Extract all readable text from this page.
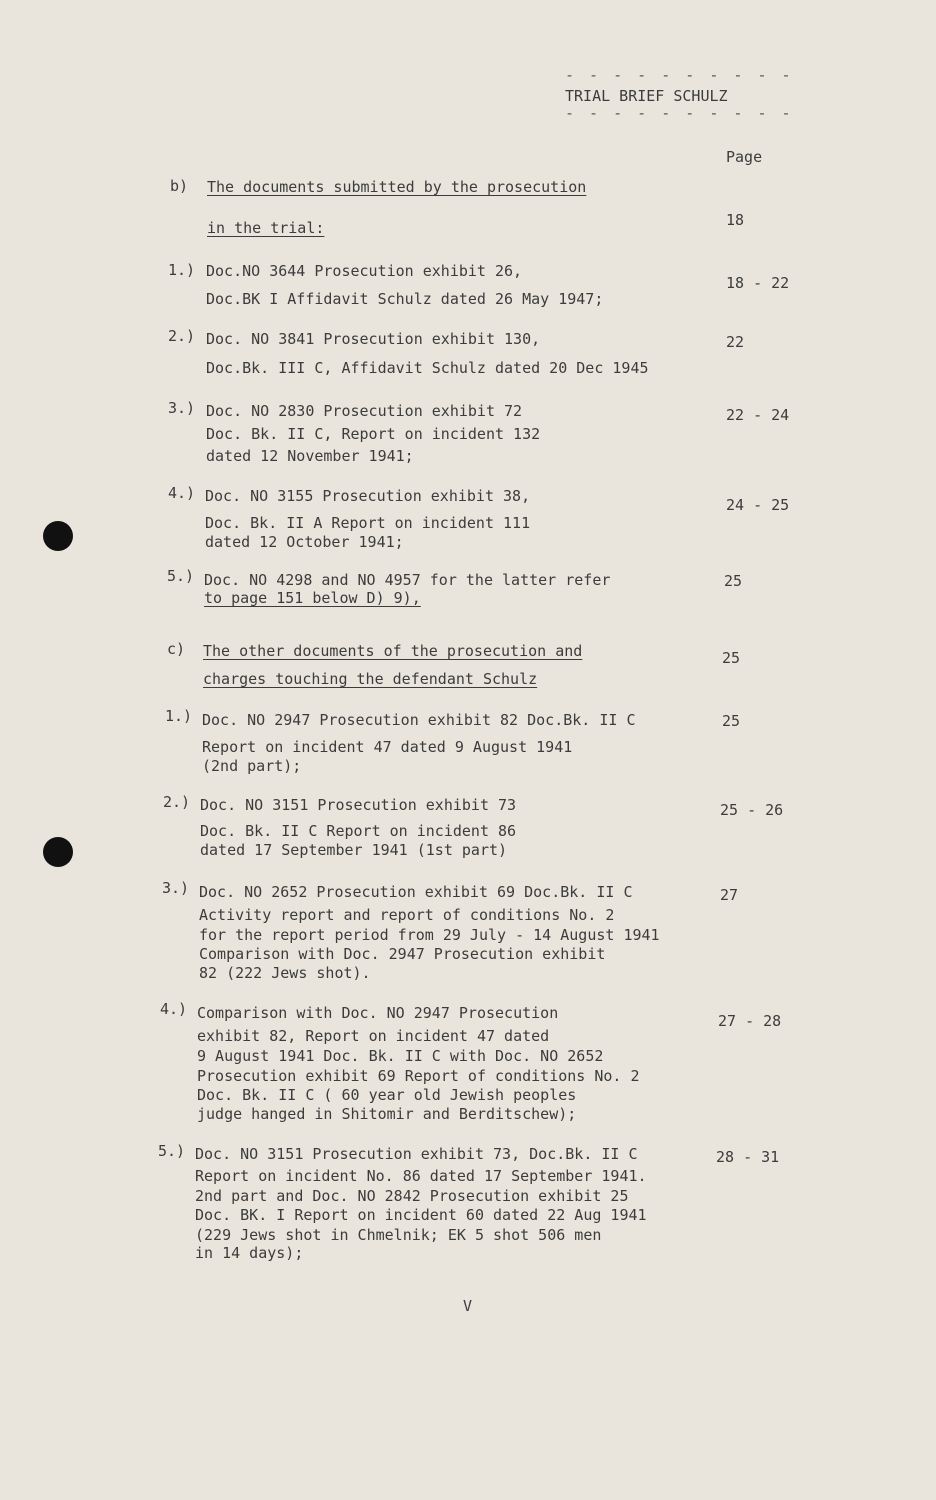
- - - - - - - - - -
TRIAL BRIEF SCHULZ
- - - - - - - - - -
Page
b) The documents submitted by the prosecution
in the trial:	18
1.) Doc.NO 3644 Prosecution exhibit 26,
Doc.BK I Affidavit Schulz dated 26 May 1947;
18 - 22
2.) Doc. NO 3841 Prosecution exhibit 130,
Doc.Bk. III C, Affidavit Schulz dated 20 Dec 1945
22
3.) Doc. NO 2830 Prosecution exhibit 72
Doc. Bk. II C, Report on incident 132
dated 12 November 1941;
22 - 24
4.) Doc. NO 3155 Prosecution exhibit 38,
Doc. Bk. II A Report on incident 111
dated 12 October 1941;
24 - 25
5.) Doc. NO 4298 and NO 4957 for the latter refer
to page 151 below D) 9),
25
c) The other documents of the prosecution and
charges touching the defendant Schulz
25
1.) Doc. NO 2947 Prosecution exhibit 82 Doc.Bk. II C
Report on incident 47 dated 9 August 1941
(2nd part);
25
2.) Doc. NO 3151 Prosecution exhibit 73
Doc. Bk. II C Report on incident 86
dated 17 September 1941 (1st part)
25 - 26
3.) Doc. NO 2652 Prosecution exhibit 69 Doc.Bk. II C
Activity report and report of conditions No. 2
for the report period from 29 July - 14 August 1941
Comparison with Doc. 2947 Prosecution exhibit
82 (222 Jews shot).
27
4.) Comparison with Doc. NO 2947 Prosecution
exhibit 82, Report on incident 47 dated
9 August 1941 Doc. Bk. II C with Doc. NO 2652
Prosecution exhibit 69 Report of conditions No. 2
Doc. Bk. II C ( 60 year old Jewish peoples
judge hanged in Shitomir and Berditschew);
27 - 28
5.) Doc. NO 3151 Prosecution exhibit 73, Doc.Bk. II C
Report on incident No. 86 dated 17 September 1941.
2nd part and Doc. NO 2842 Prosecution exhibit 25
Doc. BK. I Report on incident 60 dated 22 Aug 1941
(229 Jews shot in Chmelnik; EK 5 shot 506 men
in 14 days);
28 - 31
V
